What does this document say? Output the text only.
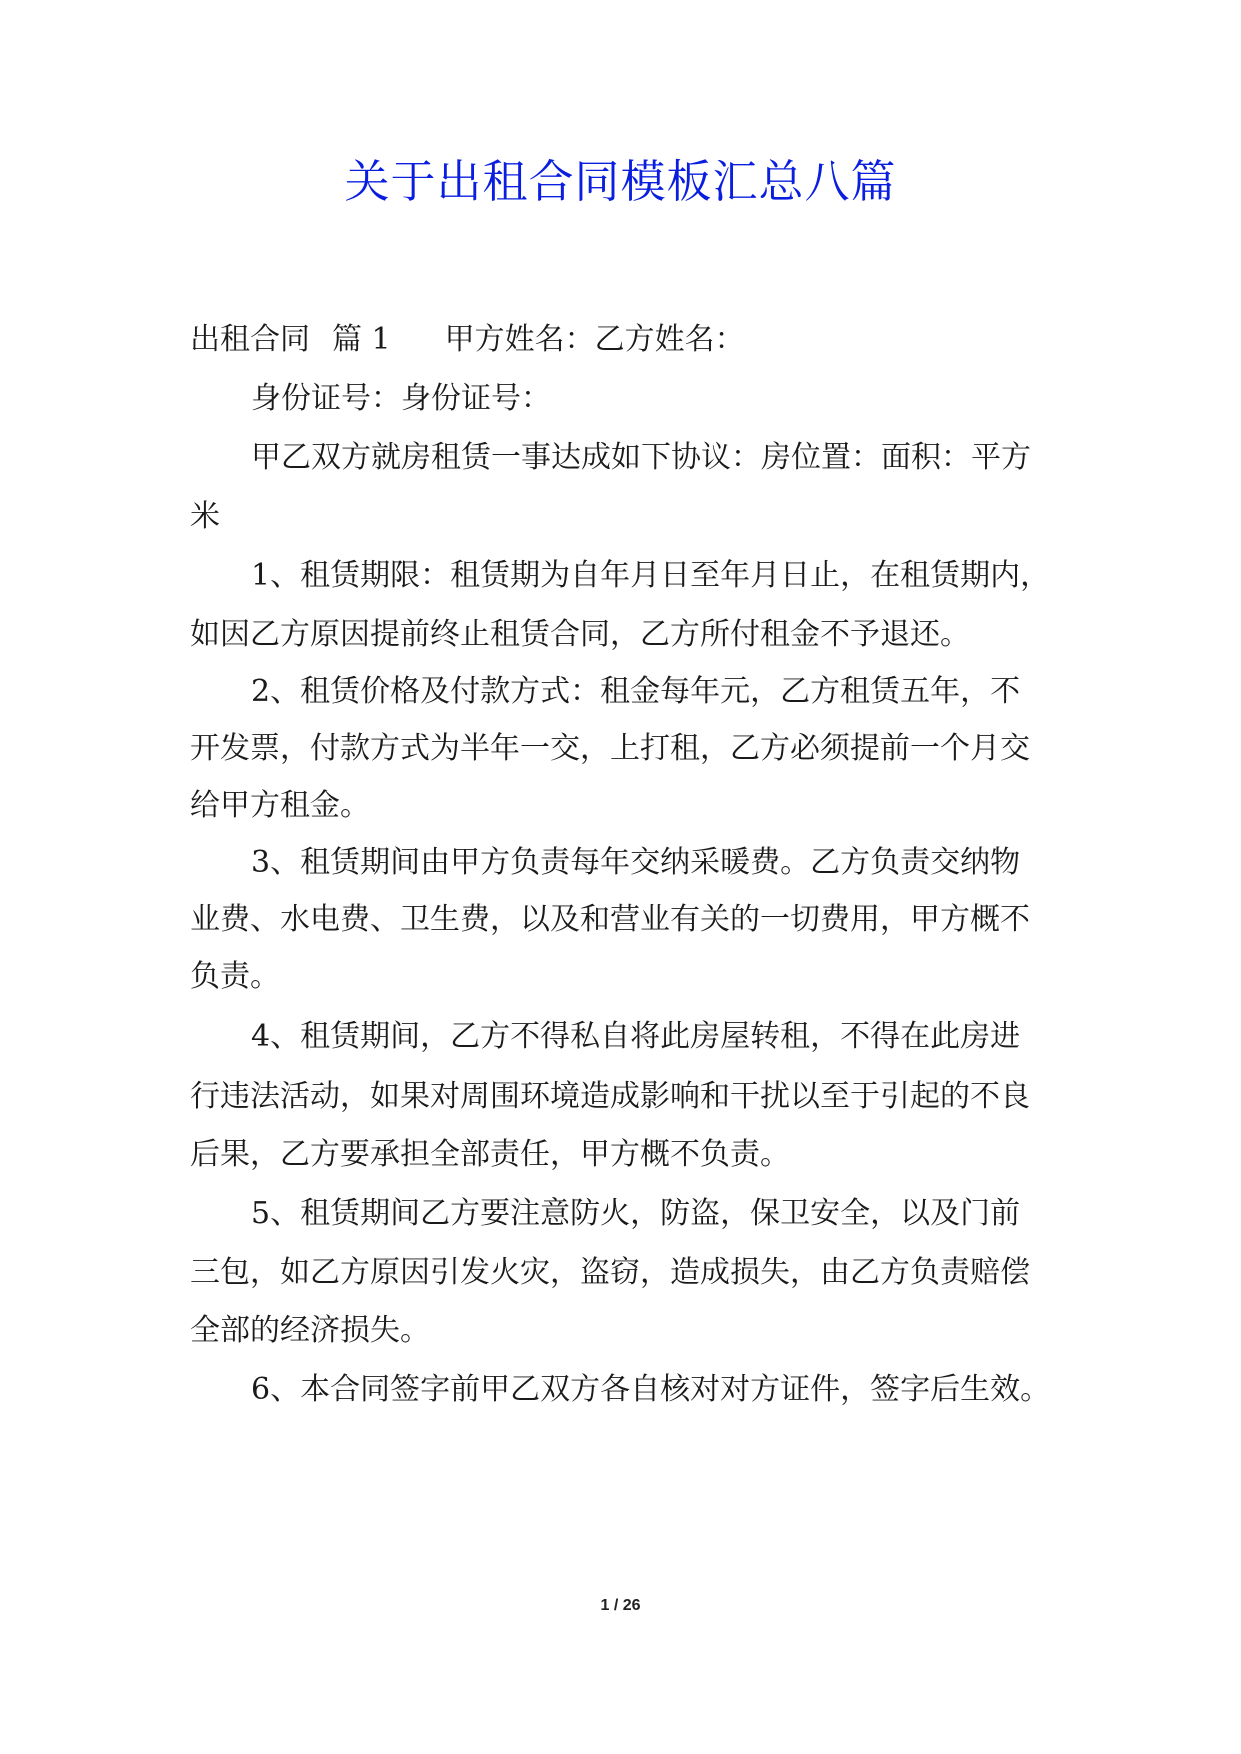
关于出租合同模板汇总八篇
出租合同 篇 1 甲方姓名：乙方姓名：
身份证号：身份证号：
甲乙双方就房租赁一事达成如下协议：房位置：面积：平方
米
1、租赁期限：租赁期为自年月日至年月日止，在租赁期内，
如因乙方原因提前终止租赁合同，乙方所付租金不予退还。
2、租赁价格及付款方式：租金每年元，乙方租赁五年，不
开发票，付款方式为半年一交，上打租，乙方必须提前一个月交
给甲方租金。
3、租赁期间由甲方负责每年交纳采暖费。乙方负责交纳物
业费、水电费、卫生费，以及和营业有关的一切费用，甲方概不
负责。
4、租赁期间，乙方不得私自将此房屋转租，不得在此房进
行违法活动，如果对周围环境造成影响和干扰以至于引起的不良
后果，乙方要承担全部责任，甲方概不负责。
5、租赁期间乙方要注意防火，防盗，保卫安全，以及门前
三包，如乙方原因引发火灾，盗窃，造成损失，由乙方负责赔偿
全部的经济损失。
6、本合同签字前甲乙双方各自核对对方证件，签字后生效。
1 / 26
